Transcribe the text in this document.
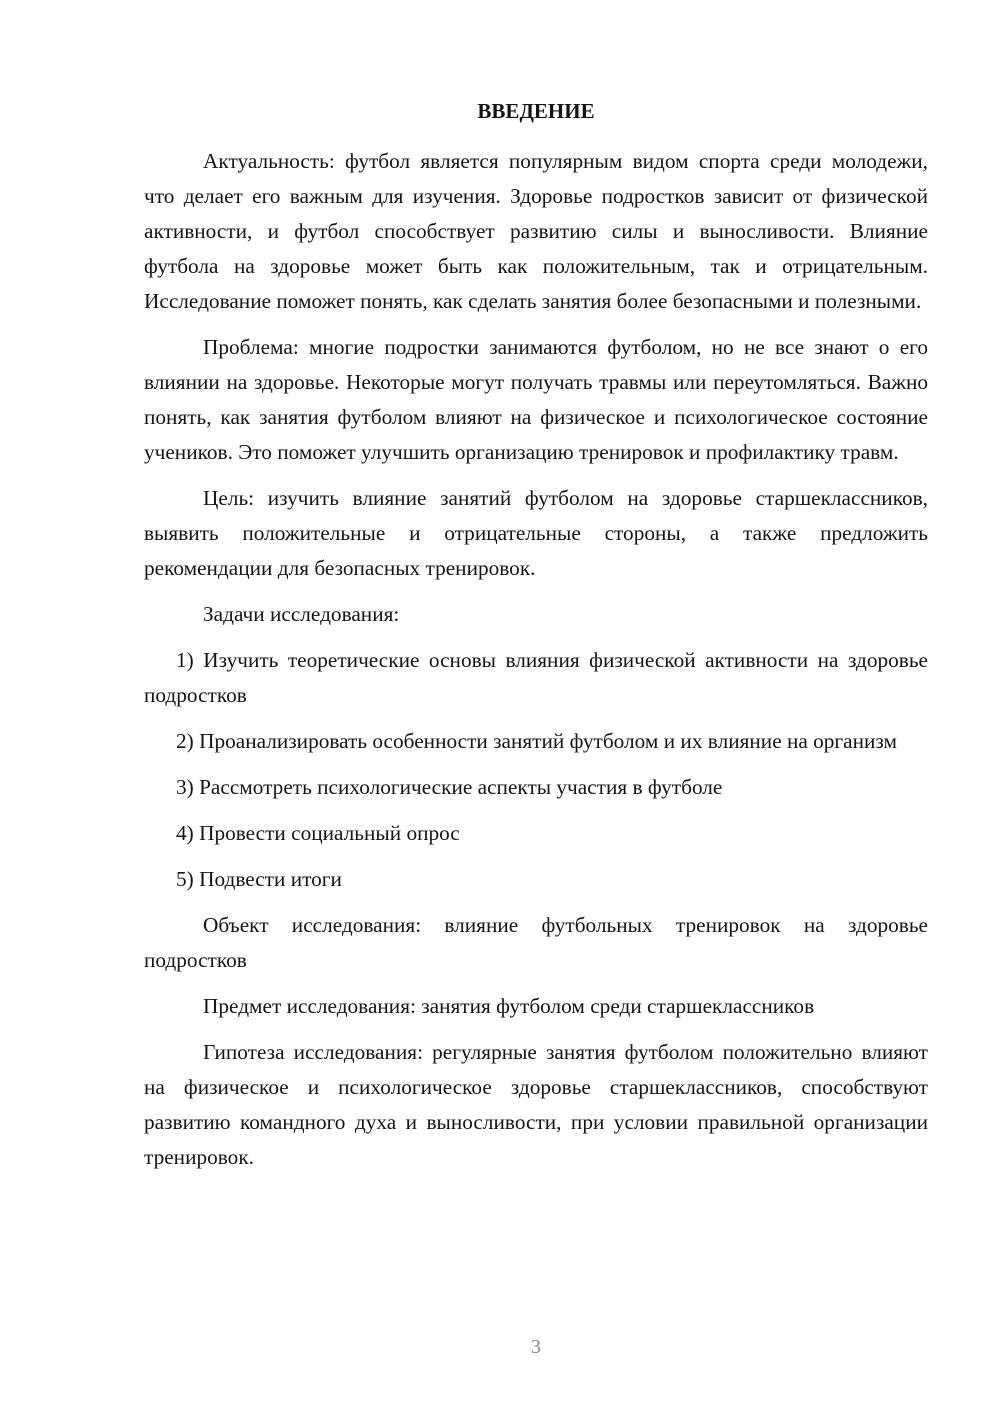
ВВЕДЕНИЕ

Актуальность: футбол является популярным видом спорта среди молодежи, что делает его важным для изучения. Здоровье подростков зависит от физической активности, и футбол способствует развитию силы и выносливости. Влияние футбола на здоровье может быть как положительным, так и отрицательным. Исследование поможет понять, как сделать занятия более безопасными и полезными.

Проблема: многие подростки занимаются футболом, но не все знают о его влиянии на здоровье. Некоторые могут получать травмы или переутомляться. Важно понять, как занятия футболом влияют на физическое и психологическое состояние учеников. Это поможет улучшить организацию тренировок и профилактику травм.

Цель: изучить влияние занятий футболом на здоровье старшеклассников, выявить положительные и отрицательные стороны, а также предложить рекомендации для безопасных тренировок.

Задачи исследования:

1) Изучить теоретические основы влияния физической активности на здоровье подростков

2) Проанализировать особенности занятий футболом и их влияние на организм

3) Рассмотреть психологические аспекты участия в футболе

4) Провести социальный опрос

5) Подвести итоги

Объект исследования: влияние футбольных тренировок на здоровье подростков

Предмет исследования: занятия футболом среди старшеклассников

Гипотеза исследования: регулярные занятия футболом положительно влияют на физическое и психологическое здоровье старшеклассников, способствуют развитию командного духа и выносливости, при условии правильной организации тренировок.

3
